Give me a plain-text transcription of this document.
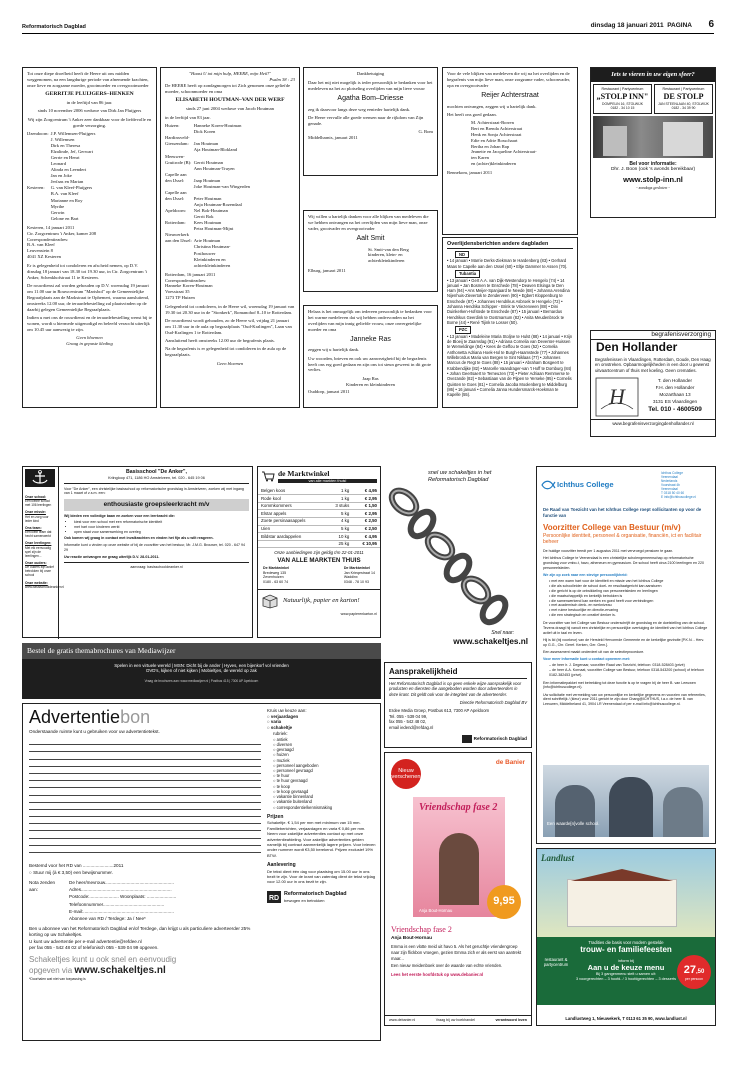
Reformatorisch Dagblad	dinsdag 18 januari 2011 PAGINA 6
Tot onze diepe droefheid heeft de Heere uit ons midden weggenomen, na een langdurige periode van afnemende krachten, onze lieve en zorgzame moeder, grootmoeder en overgrootmoeder
GERRITJE PLUIJGERS–HENKEN
in de leeftijd van 86 jaar.
sinds 10 november 2006 weduwe van Dirk Jan Pluijgers
Wij zijn Zorgcentrum 't Anker zeer dankbaar voor de liefdevolle en goede verzorging.
IJzendoorn:	J.P. Willemsen-Pluijgers
	J. Willemsen
	Dirk en Theresa
	Elzalinde, Jef, Gerwart
	Gerrie en Henri
	Leonard
	Alinda en Leendert
	Jan en Joke
	Jerfaas en Marian
Kesteren:	G. van Kleef-Pluijgers
	B.A. van Kleef
	Marianne en Roy
	Myrthe
	Gerwin
	Gelone en Bart
Kesteren, 14 januari 2011
Ctr. Zorgcentrum 't Anker, kamer 208
Correspondentieadres:
B.A. van Kleef
Leuvenstein 8
4041 XZ Kesteren
Er is gelegenheid tot condoleren en afscheid nemen, op D.V. dinsdag 18 januari van 18.30 tot 19.30 uur, in Ctr. Zorgcentrum 't Anker, Schenkhofstraat 11 te Kesteren.
De rouwdienst zal worden gehouden op D.V. woensdag 19 januari om 11.00 uur in Rouwcentrum "Marisbol" op de Gemeentelijke Begraafplaats aan de Markstraat te Ophemert, waarna aansluitend, omstreeks 12.00 uur, de teraardebestelling zal plaatsvinden op de daarbij gelegen Gemeentelijke Begraafplaats.
Indien u met ons de rouwdienst en de teraardebestelling wenst bij te wonen, wordt u hiermede uitgenodigd en beleefd verzocht uiterlijk om 10.45 uur aanwezig te zijn.
Geen bloemen
Graag in gepaste kleding
"Haast U tot mijn hulp, HEERE, mijn Heil!"
Psalm 38 : 23
De HEERE heeft op zondagmorgen tot Zich genomen onze geliefde moeder, schoonmoeder en oma
ELISABETH HOUTMAN–VAN DER WERF
sinds 27 juni 2004 weduwe van Jacob Houtman
in de leeftijd van 83 jaar.
Huizen:	Hanneke Koren-Houtman
	Dick Koren
Hardinxveld-	
Giessendam:	Jan Houtman
	Aja Houtman-Blokland
Meeuwen-	
Gruitrode (B):	Gerrit Houtman
	Ann Houtman-Truyen
Capelle aan	
den IJssel:	Jaap Houtman
	Joke Houtman-van Wingerden
Capelle aan	
den IJssel:	Peter Houtman
	Anja Houtman-Rozendaal
Apeldoorn:	Nel Bok-Houtman
	Gerrit Bok
Rotterdam:	Kees Houtman
	Petra Houtman-Mijnt
Nieuwerkerk	
aan den IJssel:	Arie Houtman
	Christina Houtman-
	Posthouwer
	Kleinkinderen en
	achterkleinkinderen
Rotterdam, 16 januari 2011
Correspondentieadres:
Hanneke Koren-Houtman
Voesstraat 35
1273 TP Huizen
Gelegenheid tot condoleren, in de Heere wil, woensdag 19 januari van 19.30 tot 20.30 uur in de "Sionkerk", Romanohof 8–10 te Rotterdam.
De rouwdienst wordt gehouden, zo de Heere wil, vrijdag 21 januari om 11.30 uur in de aula op begraafplaats "Oud-Kralingen", Laan van Oud-Kralingen 1 te Rotterdam.
Aansluitend heeft omstreeks 12.00 uur de begrafenis plaats.
Na de begrafenis is er gelegenheid tot condoleren in de aula op de begraafplaats.
Geen bloemen
Dankbetuiging
Daar het mij niet mogelijk is ieder persoonlijk te bedanken voor het medeleven na het zo plotseling overlijden van mijn lieve vrouw
Agatha Bom–Driesse
zeg ik daarvoor langs deze weg eenieder hartelijk dank.
De Heere vervulle alle goede wensen naar de rijkdom van Zijn genade.
G. Bom
Middelharnis, januari 2011
Wij willen u hartelijk danken voor alle blijken van medeleven die we hebben ontvangen na het overlijden van mijn lieve man, onze vader, grootvader en overgrootvader
Aalt Smit
St. Smit-van den Berg
kinderen, klein- en
achterkleinkinderen
Elburg, januari 2011
Helaas is het onmogelijk om iedereen persoonlijk te bedanken voor het warme medeleven dat wij hebben ondervonden na het overlijden van mijn innig geliefde vrouw, onze onvergetelijke moeder en oma
Janneke Ras
zeggen wij u hartelijk dank.
Uw woorden, brieven en ook uw aanwezigheid bij de begrafenis heeft ons erg goed gedaan en zijn ons tot steun geweest in dit grote verlies.
Jaap Ras
Kinderen en kleinkinderen
Ouddorp, januari 2011
Voor de vele blijken van medeleven die wij na het overlijden en de begrafenis van mijn lieve man, onze zorgzame vader, schoonvader, opa en overgrootvader
Reijer Achterstraat
mochten ontvangen, zeggen wij u hartelijk dank.
Het heeft ons goed gedaan.
M. Achterstraat-Borren
Bert en Brenda Achterstraat
Henk en Sonja Achterstraat
Edie en Adrie Bosschaart
Bertha en Johan Rap
Jeanette en Jacqueline Achterstraat-
ten Karen
en (achter)kleinkinderen
Bennekom, januari 2011
Overlijdensberichten andere dagbladen
ND
• 14 januari • Marrie Derks-Ziekman te Hardenberg (83) • Gerhard Maas te Capelle aan den IJssel (60) • Eltje Dammer te Assen (70).
Tubantia
• 13 januari • Gert A.A. van Dijk-Westendorp te Hengelo (74) • 14 januari • Jan Bosmen te Enschede (78) • Deaven Elsinga te Den Ham (94) • Ans Meijer-Spanjaard te Neede (68) • Johanna Arendina Nijenhuis-Zievertok te Zenderveen (90) • Egbert Kloppenburg te Enschede (87) • Johannes Hendrikus Asbroek te Hengelo (72) • Johanna Hendrika Schipper - Brink te Vriezenveen (88) • Dini Duinkerken-Hofstede te Enschede (87) • 15 januari • Bernardus Hendrikus Geerdink te Oostmarsum (82) • Anita Meudenbrock te Borne (44) • René Tijink te Losser (50).
PZC
• 13 januari • Madeleine Maria Stoljne te Hulst (88) • 14 januari • Krijn de Bloeij te Zaamslag (91) • Adriana Cornelia van Deventer-Huissen te Wemeldinge (84) • Kees de Geffou te Goes (52) • Cornelia Anthonetta Adriana Hoek-Hol te Burgh-Haamstede (77) • Johannes Willebrordus Maria van Bergen te Sint Niklaas (77) • Johannes Marcus de Regt te Goes (88) • 15 januari • Abraham Bosgeert te Krabbendijke (82) • Marcelle Vaandrager-van 't Hoff te Domburg (84) • Johan Geertsaert te Terneuzen (73) • Pieter Adriaan Remmerse te Ovezande (82) • Sebastiaan van de Pijpen te Yerseke (95) • Cornelis Quisten te Goes (81) • Cornelia Jacoba Moolenberg te Middelburg (86) • 16 januari • Cornelia Janna Hundersmarck-Hoekman te Kapelle (55).
Iets te vieren in uw eigen sfeer?
Restaurant | Partycentrum
„STOLP INN"
DOMPELIN 16, STOLWIJK
0182 - 34 10 15
Restaurant | Partycentrum
DE STOLP
JAN STEENLAAN 40, STOLWIJK
0182 - 34 39 90
Bel voor informatie:
Dhr. J. Boon (ook 's avonds bereikbaar)
www.stolp-inn.nl
- zondags gesloten -
begrafenisverzorging
Den Hollander
Begrafenissen in Vlaardingen, Rotterdam, Goude, Den Haag en omstreken. Opbaarmogelijkheden in een door u gewenst uitvaartcentrum of thuis met koeling. Geen crematies.
H
T. den Hollander
F.H. den Hollander
Mozarthaan 13
3131 ES Vlaardingen
Tel. 010 - 4600509
www.begrafenisverzorgingdenhollander.nl
Onze school:
Een kleine school met 106 leerlingen
Onze missie:
Het en zorg voor ieder kind
Ons team:
Een klein team dat hecht samenwerkt
Onze leerlingen:
Met elk eenvoudig spel zijn de leerlingen...
Onze ouders:
De ouders zijn actief betrokken bij onze school
Onze website:
www.basisschooldeanker.nl
Basisschool "De Anker",
Kriingloop 471, 1186 HO Amstelveen, tel. 020 - 645 19 06
Voor "De Anker", een christelijke basisschool op reformatorische grondslag in Amstelveen, zoeken wij met ingang van 1 maart of z.s.m. een:
enthousiaste groepsleerkracht m/v
Wij bieden een volledige baan en zoeken voor een leerkracht die:
• kiest voor een school met een reformatorische identiteit
• met hart voor kinderen werkt
• open staat voor samenwerking en overleg
Ook komen wij graag in contact met invalkrachten en vinden het fijn als u wilt reageren.
Informatie kunt u vinden op onze website of bij de voorzitter van het bestuur, Mr. J.M.G. Brouwer, tel. 020 - 647 94 29
Uw reactie ontvangen we graag uiterlijk D.V. 28-01-2011.
aanvraag: basisschooldeanker.nl
de Marktwinkel
van alle markten thuis!
Belgen koos	1 kg	€ 4,95
Rode kool	1 kg	€ 2,95
Kommkommers	3 stuks	€ 1,50
Elstar appels	5 kg	€ 2,95
Zoete persinaasappels	4 kg	€ 2,50
Uien	5 kg	€ 2,50
Bildstar aardappelen	10 kg	€ 4,95
	25 kg	€ 10,95
Onze aanbiedingen zijn geldig t/m 22-01-2011
VAN ALLE MARKTEN THUIS
De Marktwinkel
Bredeweg 135
Zevenhuizen
0180 - 63 60 74
De Marktwinkel
Jan Krieqestraat 14
Waddinx
0348 - 78 10 93
Natuurlijk, papier en karton!
www.papierenkarton.nl
snel uw schakeltjes in het Reformatorisch Dagblad
Snel naar:
www.schakeltjes.nl
Ichthus College
Ichthus College
Veenendaal
Nederlands
Voorstraat 4b
Veenendaal
T 0318 50 40 60
E info@ichthuscollege.nl
De Raad van Toezicht van het Ichthus College roept sollicitanten op voor de functie van
Voorzitter College van Bestuur (m/v)
Persoonlijke identiteit, personeel & organisatie, financiën, ict en facilitair beheer
De huidige voorzitter treedt per 1 augustus 2011 met vervroegd pensioen te gaan.
Het Ichthus College te Veenendaal is een christelijke scholengemeenschap op reformatorische grondslag voor vmbo-t, havo, atheneum en gymnasium. De school heeft circa 2100 leerlingen en 220 personeelsleden.
We zijn op zoek naar een stevige persoonlijkheid:
• met een warm hart voor de identiteit en missie van het Ichthus College
• die als schoolleider de school doel- en resultaatgericht kan aansturen
• die gericht is op de ontwikkeling van personeelsleden en leerlingen
• die maatschappelijk en kerkelijk betrokken is
• die samenwerkend kan werken en goed heeft voor verbindingen
• met academisch denk- en werkniveau
• met ruime bestuurlijke en directie-ervaring
• die een strategisch en creatief denker is.
De voorzitter van het College van Bestuur onderschrijft de grondslag en de doelstelling van de school. Tevens draagt hij vanuit een christelijke en persoonlijke overtuiging de identiteit van het Ichthus College actief uit in taal en leven.
Hij is lid (bij voorkeur) van de Hersteld Hervormde Gemeente en de kerkelijke gezindte [P.K.N. - Herv. op G.G., Chr. Geref. Kerken, Ger. Gem.].
Een assessment maakt onderdeel uit van de selectieprocedure.
Voor meer informatie kunt u contact opnemen met:
– de heer ir. J. Degenaar, voorzitter Raad van Toezicht, telefoon: 0318-528403 (privé)
– de heer A.A. Kornaat, voorzitter College van Bestuur, telefoon 0318-543200 (school) of telefoon 0182-382453 (privé).
Een informatiepakket met betrekking tot deze functie is op te vragen bij de heer B. van Leeuwen (info@ichthuscollege.nl).
Uw sollicitatie met vermelding van uw persoonlijke en kerkelijke gegevens en voorzien van referenties, dient schriftelijk / (kleur) voor 2011 gericht te zijn door Chang@ICHTHUS, t.a.v. de heer B. van Leeuwen, Middelbeland 41, 3904 LR Veenendaal of per e-mail info@ichthuscollege.nl.
Een waarde[n]volle school.
Bestel de gratis themabrochures van Mediawijzer
Spelen in een virtuele wereld | MSN: Dicht bij de ander | Hyves, een bijenkorf vol vrienden
DVD's, kijken of niet kijken | Mobieltjes, de wereld op zak
Vraag de brochures aan: www.mediawijzer.nl | Postbus 415 | 7300 AP Apeldoorn
Advertentiebon
Onderstaande ruimte kunt u gebruiken voor uw advertentietekst.
Kruis uw keuze aan:
○ verjaardagen
○ varia
○ schakeltje
rubriek:
○ antiek
○ diversen
○ gevraagd
○ huizen
○ muziek
○ personeel aangeboden
○ personeel gevraagd
○ te huur
○ te huur gevraagd
○ te koop
○ te koop gevraagd
○ vakantie binnenland
○ vakantie buitenland
○ correspondentie/kennismaking
Prijzen
Schakeltje. € 1,54 per mm met minimum van 15 mm. Familieberichten, verjaardagen en varia € 0,86 per mm. Neem voor zakelijke advertenties contact op met onze advertentieafdeling. Voor zakelijke advertenties gelden namelijk bij contract aanmerkelijk lagere prijzen. Voor brieven onder nummer wordt €3,50 berekend. Prijzen exclusief 19% BTW.
Aanlevering
De tekst dient één dag voor plaatsing om 15.00 uur in ons bezit te zijn. Voor de krant van zaterdag dient de tekst vrijdag voor 12.00 uur in ons bezit te zijn.
RD
Reformatorisch Dagblad
bewogen en betrokken
Bestemd voor het RD van ........................2011
○ Stuur mij (à € 3,50) een bewijsnummer.
Nota zenden aan:
De heer/mevrouw......................................................
Adres.......................................................................
Postcode:....................... Woonplaats: .......................
Telefoonnummer................................................
E-mail:.......................................................................
Abonnee van RD / Terdege: Ja / Nee*
Ben u abonnee van het Reformatorisch Dagblad en/of Terdege, dan krijgt u als particuliere adverteerder 25% korting op uw Schakeltjes.
U kunt uw advertentie per e-mail advertentie@refdee.nl
per fax 055 - 542 48 02 of telefonisch 055 - 539 04 99 opgeven.
Schakeltjes kunt u ook snel en eenvoudig
opgeven via www.schakeltjes.nl
*Doorhalen wat niet van toepassing is
Aansprakelijkheid
Het Reformatorisch Dagblad is op geen enkele wijze aansprakelijk voor producten en diensten die aangeboden worden door adverteerders in deze krant. Dit geldt ook voor de integriteit van de adverteerder.
Directie Reformatorisch Dagblad BV
Erdee Media Groep, Postbus 613, 7300 AP Apeldoorn
Tel. 055 - 539 04 99,
fax 055 - 542 48 02,
email iedend@refdag.nl
Reformatorisch Dagblad
Nieuw
verschenen
de Banier
Vriendschap fase 2
Anja Bout-Hornau
9,95
Vriendschap fase 2
Anja Bout-Hornau
Emma is een vlotte meid uit havo 5. Als het geruchtje vriendengroep naar zijn flickbon vroegen, gezien Emma zich er als eerst van aantrekt maar...
Een nieuw meidenboek over de waarde van echte vrienden.
Lees het eerste hoofdstuk op www.debanier.nl
www.debanier.nl	Vraag bij uw boekhandel	verantwoord lezen
Landlust
restaurant & partycentrum
Tradities die basis voor modern gestelde
trouw- en familiefeesten
inform bij
Aan u de keuze menu
Bij 3 gangenmenu stelt u samen uit:
3 voorgerechten – 3 hoofd- / 3 hoofdgerechten – 3 desserts
27,50
per persoon
Landlustweg 1, Nieuwekerk, T 0113 61 35 90, www.landlust.nl
